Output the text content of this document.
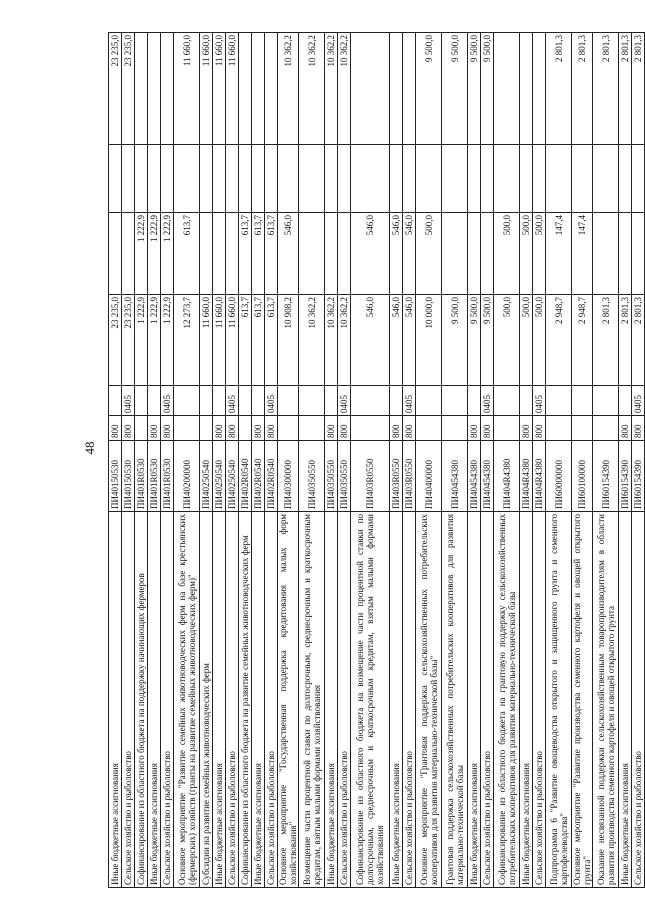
48
Иные бюджетные ассигнования	ПИ40150530	800		23 235,0			23 235,0
Сельское хозяйство и рыболовство	ПИ40150530	800	0405	23 235,0			23 235,0
Софинансирование из областного бюджета на поддержку начинающих фермеров	ПИ401R0530			1 222,9	1 222,9		
Иные бюджетные ассигнования	ПИ401R0530	800		1 222,9	1 222,9		
Сельское хозяйство и рыболовство	ПИ401R0530	800	0405	1 222,9	1 222,9		
Основное мероприятие "Развитие семейных животноводческих ферм на базе крестьянских (фермерских) хозяйств (гранты на развитие семейных животноводческих ферм)"	ПИ40200000			12 273,7	613,7		11 660,0
Субсидии на развитие семейных животноводческих ферм	ПИ40250540			11 660,0			11 660,0
Иные бюджетные ассигнования	ПИ40250540	800		11 660,0			11 660,0
Сельское хозяйство и рыболовство	ПИ40250540	800	0405	11 660,0			11 660,0
Софинансирование из областного бюджета на развитие семейных животноводческих ферм	ПИ402R0540			613,7	613,7		
Иные бюджетные ассигнования	ПИ402R0540	800		613,7	613,7		
Сельское хозяйство и рыболовство	ПИ402R0540	800	0405	613,7	613,7		
Основное мероприятие "Государственная поддержка кредитования малых форм хозяйствования"	ПИ40300000			10 908,2	546,0		10 362,2
Возмещение части процентной ставки по долгосрочным, среднесрочным и краткосрочным кредитам, взятым малыми формами хозяйствования	ПИ40350550			10 362,2			10 362,2
Иные бюджетные ассигнования	ПИ40350550	800		10 362,2			10 362,2
Сельское хозяйство и рыболовство	ПИ40350550	800	0405	10 362,2			10 362,2
Софинансирование из областного бюджета на возмещение части процентной ставки по долгосрочным, среднесрочным и краткосрочным кредитам, взятым малыми формами хозяйствования	ПИ403R0550			546,0	546,0		
Иные бюджетные ассигнования	ПИ403R0550	800		546,0	546,0		
Сельское хозяйство и рыболовство	ПИ403R0550	800	0405	546,0	546,0		
Основное мероприятие "Грантовая поддержка сельскохозяйственных потребительских кооперативов для развития материально-технической базы"	ПИ40400000			10 000,0	500,0		9 500,0
Грантовая поддержка сельскохозяйственных потребительских кооперативов для развития материально-технической базы	ПИ40454380			9 500,0			9 500,0
Иные бюджетные ассигнования	ПИ40454380	800		9 500,0			9 500,0
Сельское хозяйство и рыболовство	ПИ40454380	800	0405	9 500,0			9 500,0
Софинансирование из областного бюджета на грантовую поддержку сельскохозяйственных потребительских кооперативов для развития материально-технической базы	ПИ404R4380			500,0	500,0		
Иные бюджетные ассигнования	ПИ404R4380	800		500,0	500,0		
Сельское хозяйство и рыболовство	ПИ404R4380	800	0405	500,0	500,0		
Подпрограмма 6 "Развитие овощеводства открытого и защищенного грунта и семенного картофелеводства"	ПИ60000000			2 948,7	147,4		2 801,3
Основное мероприятие "Развитие производства семенного картофеля и овощей открытого грунта"	ПИ60100000			2 948,7	147,4		2 801,3
Оказание несвязанной поддержки сельскохозяйственным товаропроизводителям в области развития производства семенного картофеля и овощей открытого грунта	ПИ60154390			2 801,3			2 801,3
Иные бюджетные ассигнования	ПИ60154390	800		2 801,3			2 801,3
Сельское хозяйство и рыболовство	ПИ60154390	800	0405	2 801,3			2 801,3
